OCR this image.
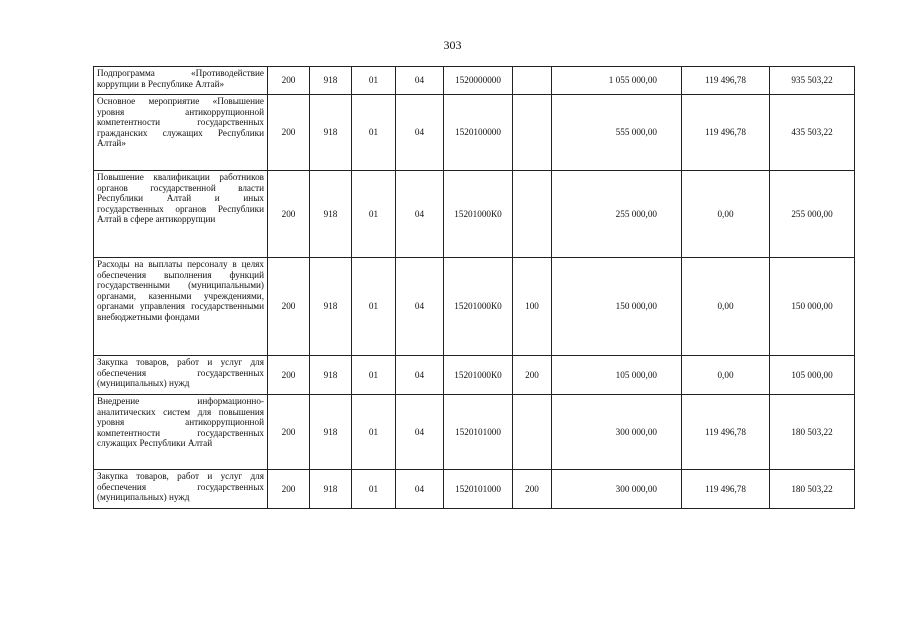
303
Подпрограмма «Противодействие коррупции в Республике Алтай»	200	918	01	04	1520000000		1 055 000,00	119 496,78	935 503,22
Основное мероприятие «Повышение уровня антикоррупционной компетентности государственных гражданских служащих Республики Алтай»	200	918	01	04	1520100000		555 000,00	119 496,78	435 503,22
Повышение квалификации работников органов государственной власти Республики Алтай и иных государственных органов Республики Алтай в сфере антикоррупции	200	918	01	04	15201000К0		255 000,00	0,00	255 000,00
Расходы на выплаты персоналу в целях обеспечения выполнения функций государственными (муниципальными) органами, казенными учреждениями, органами управления государственными внебюджетными фондами	200	918	01	04	15201000К0	100	150 000,00	0,00	150 000,00
Закупка товаров, работ и услуг для обеспечения государственных (муниципальных) нужд	200	918	01	04	15201000К0	200	105 000,00	0,00	105 000,00
Внедрение информационно-аналитических систем для повышения уровня антикоррупционной компетентности государственных служащих Республики Алтай	200	918	01	04	1520101000		300 000,00	119 496,78	180 503,22
Закупка товаров, работ и услуг для обеспечения государственных (муниципальных) нужд	200	918	01	04	1520101000	200	300 000,00	119 496,78	180 503,22
